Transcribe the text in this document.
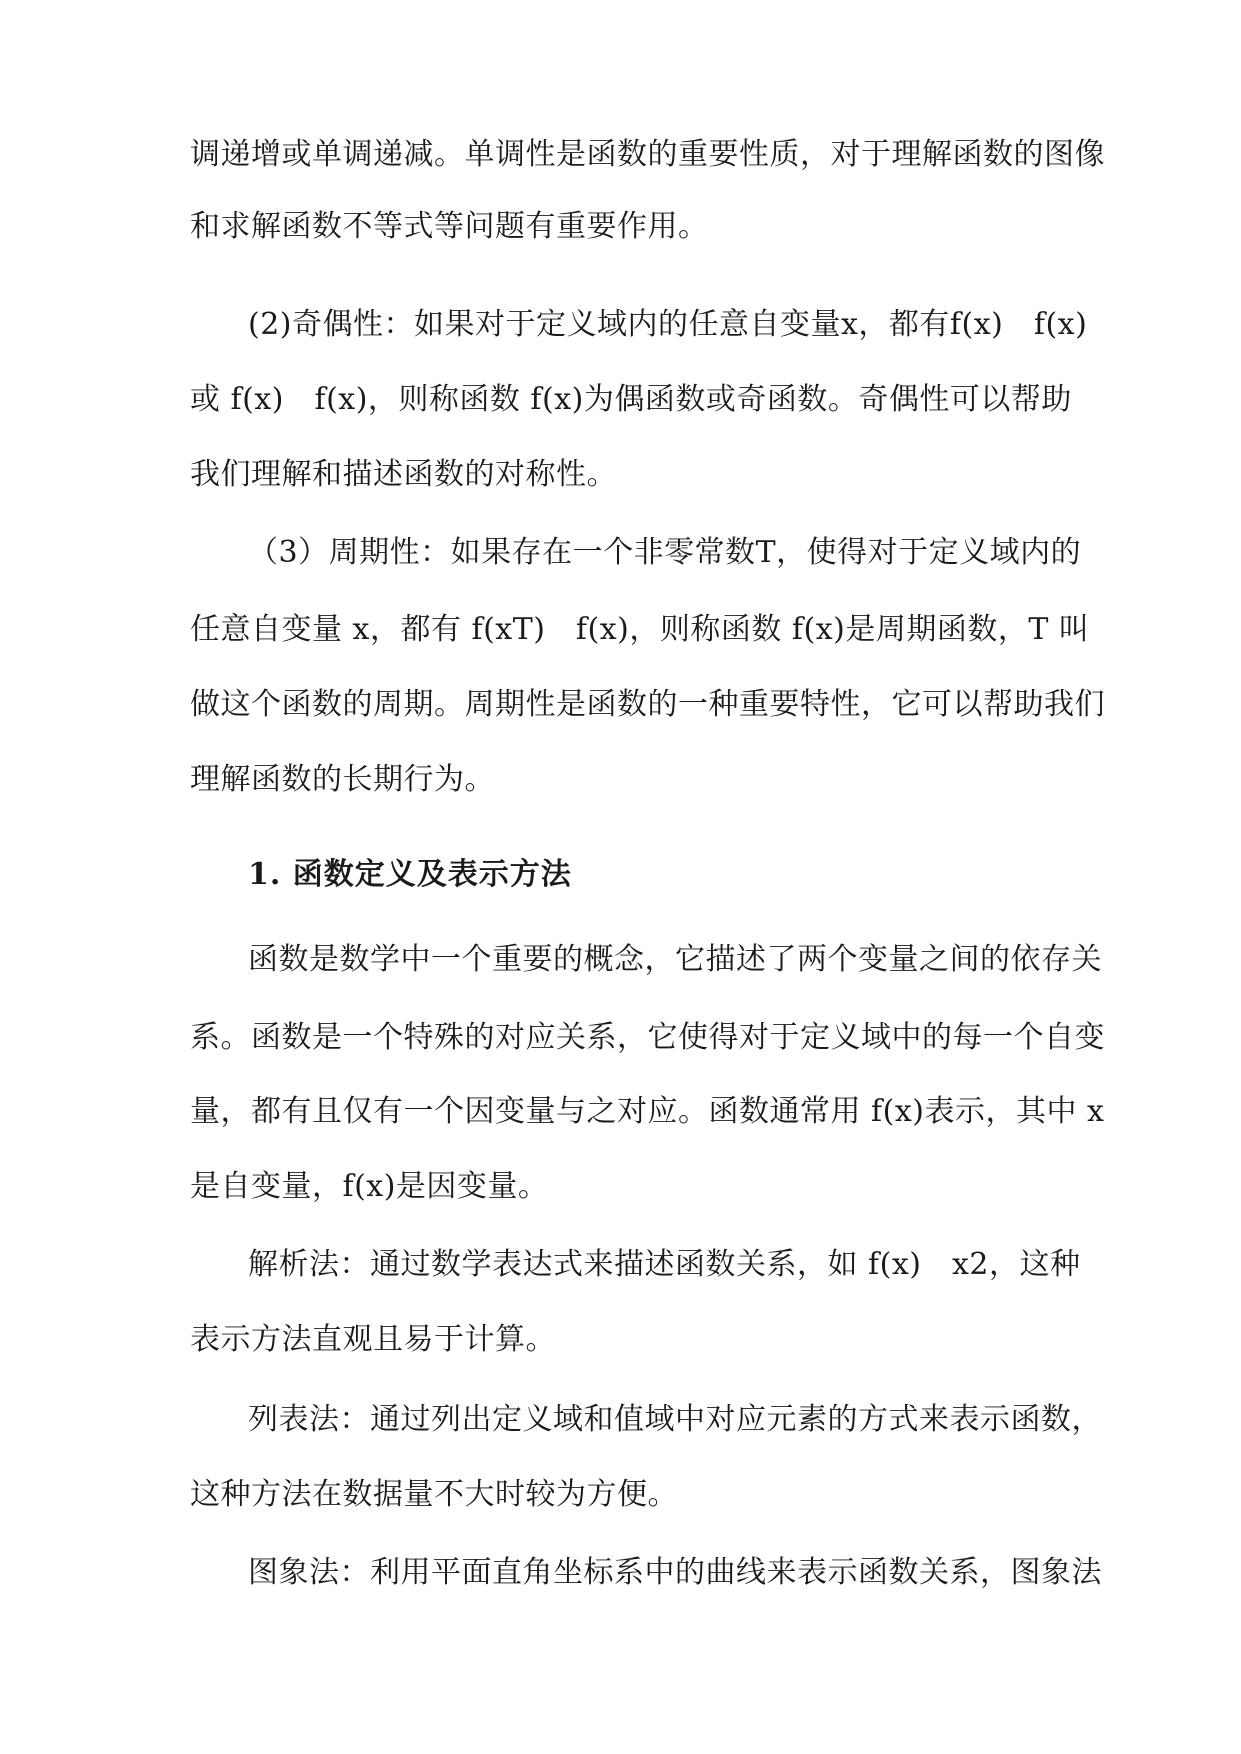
调递增或单调递减。单调性是函数的重要性质，对于理解函数的图像
和求解函数不等式等问题有重要作用。
(2)奇偶性：如果对于定义域内的任意自变量x，都有f(x)　f(x)
或 f(x)　f(x)，则称函数 f(x)为偶函数或奇函数。奇偶性可以帮助
我们理解和描述函数的对称性。
（3）周期性：如果存在一个非零常数T，使得对于定义域内的
任意自变量 x，都有 f(xT)　f(x)，则称函数 f(x)是周期函数，T 叫
做这个函数的周期。周期性是函数的一种重要特性，它可以帮助我们
理解函数的长期行为。
1. 函数定义及表示方法
函数是数学中一个重要的概念，它描述了两个变量之间的依存关
系。函数是一个特殊的对应关系，它使得对于定义域中的每一个自变
量，都有且仅有一个因变量与之对应。函数通常用 f(x)表示，其中 x
是自变量，f(x)是因变量。
解析法：通过数学表达式来描述函数关系，如 f(x)　x2，这种
表示方法直观且易于计算。
列表法：通过列出定义域和值域中对应元素的方式来表示函数，
这种方法在数据量不大时较为方便。
图象法：利用平面直角坐标系中的曲线来表示函数关系，图象法
